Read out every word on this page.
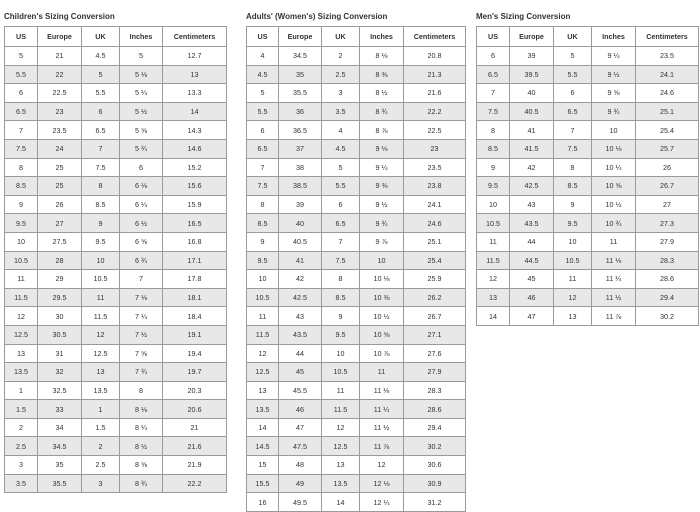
Children's Sizing Conversion
US	Europe	UK	Inches	Centimeters
5	21	4.5	5	12.7
5.5	22	5	5 ⅛	13
6	22.5	5.5	5 ¼	13.3
6.5	23	6	5 ½	14
7	23.5	6.5	5 ⅝	14.3
7.5	24	7	5 ¾	14.6
8	25	7.5	6	15.2
8.5	25	8	6 ⅛	15.6
9	26	8.5	6 ¼	15.9
9.5	27	9	6 ½	16.5
10	27.5	9.5	6 ⅝	16.8
10.5	28	10	6 ¾	17.1
11	29	10.5	7	17.8
11.5	29.5	11	7 ⅛	18.1
12	30	11.5	7 ¼	18.4
12.5	30.5	12	7 ½	19.1
13	31	12.5	7 ⅝	19.4
13.5	32	13	7 ¾	19.7
1	32.5	13.5	8	20.3
1.5	33	1	8 ⅛	20.6
2	34	1.5	8 ¼	21
2.5	34.5	2	8 ½	21.6
3	35	2.5	8 ⅝	21.9
3.5	35.5	3	8 ¾	22.2
Adults' (Women's) Sizing Conversion
US	Europe	UK	Inches	Centimeters
4	34.5	2	8 ⅛	20.8
4.5	35	2.5	8 ⅜	21.3
5	35.5	3	8 ½	21.6
5.5	36	3.5	8 ¾	22.2
6	36.5	4	8 ⅞	22.5
6.5	37	4.5	9 ⅛	23
7	38	5	9 ¼	23.5
7.5	38.5	5.5	9 ⅜	23.8
8	39	6	9 ½	24.1
8.5	40	6.5	9 ¾	24.6
9	40.5	7	9 ⅞	25.1
9.5	41	7.5	10	25.4
10	42	8	10 ⅛	25.9
10.5	42.5	8.5	10 ⅜	26.2
11	43	9	10 ½	26.7
11.5	43.5	9.5	10 ⅝	27.1
12	44	10	10 ⅞	27.6
12.5	45	10.5	11	27.9
13	45.5	11	11 ⅛	28.3
13.5	46	11.5	11 ¼	28.6
14	47	12	11 ½	29.4
14.5	47.5	12.5	11 ⅞	30.2
15	48	13	12	30.6
15.5	49	13.5	12 ⅛	30.9
16	49.5	14	12 ¼	31.2
Men's Sizing Conversion
US	Europe	UK	Inches	Centimeters
6	39	5	9 ¼	23.5
6.5	39.5	5.5	9 ½	24.1
7	40	6	9 ⅝	24.6
7.5	40.5	6.5	9 ¾	25.1
8	41	7	10	25.4
8.5	41.5	7.5	10 ⅛	25.7
9	42	8	10 ¼	26
9.5	42.5	8.5	10 ⅝	26.7
10	43	9	10 ½	27
10.5	43.5	9.5	10 ¾	27.3
11	44	10	11	27.9
11.5	44.5	10.5	11 ⅛	28.3
12	45	11	11 ¼	28.6
13	46	12	11 ½	29.4
14	47	13	11 ⅞	30.2
